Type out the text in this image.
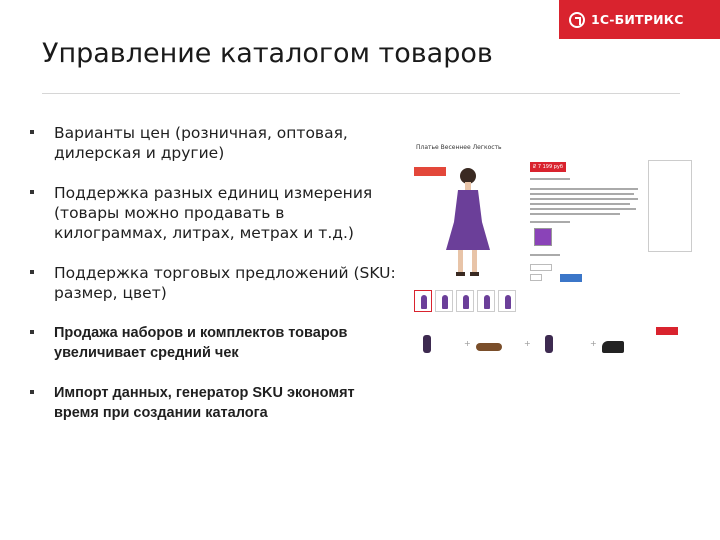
1С-БИТРИКС
Управление каталогом товаров
Варианты цен (розничная, оптовая, дилерская и другие)
Поддержка разных единиц измерения (товары можно продавать в килограммах, литрах, метрах и т.д.)
Поддержка торговых предложений (SKU: размер, цвет)
Продажа наборов и комплектов товаров увеличивает средний чек
Импорт данных, генератор SKU экономят время при создании каталога
Платье Весеннее Легкость
₽ 7 199 руб
+	+	+
